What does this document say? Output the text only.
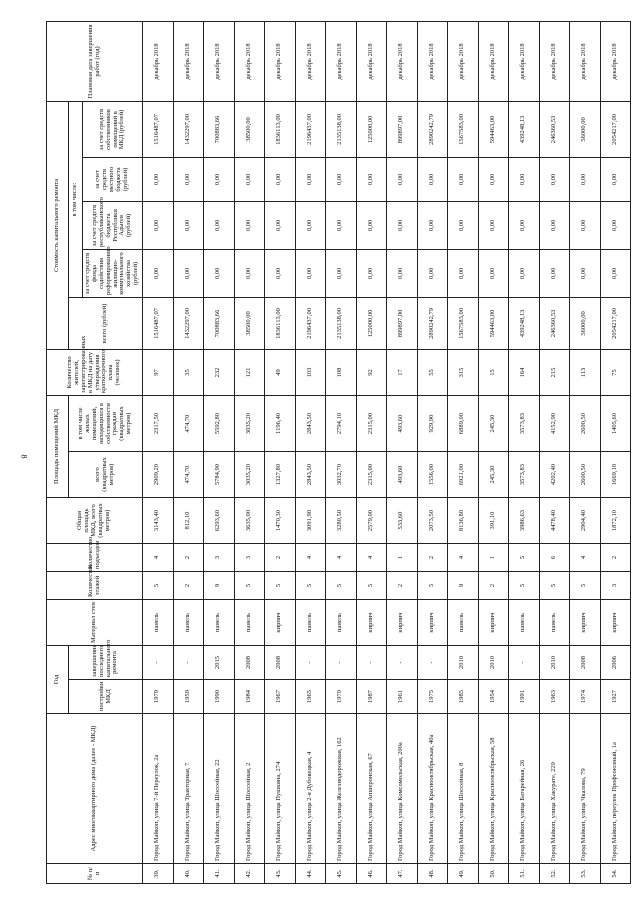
8
№ п/п	Адрес многоквартирного дома (далее - МКД)	Год		Материал стен	Количество этажей	Количество подъездов	Общая площадь МКД, всего (квадратных метров)	Площадь помещений МКД		Количество жителей, зарегистрированных в МКД на дату утверждения краткосрочного плана (человек)	Стоимость капитального ремонта					Плановая дата завершения работ (год)
		постройки МКД	завершения последнего капитального ремонта					всего (квадратных метров)	в том числе жилых помещений, находящихся в собственности граждан (квадратных метров)		всего (рублей)	в том числе:				
												за счет средств фонда содействия реформированию жилищно-коммунального хозяйства (рублей)	за счет средств республиканского бюджета Республики Адыгея (рублей)	за счет средств местного бюджета (рублей)	за счет средств собственников помещений в МКД (рублей)	
39.	Город Майкоп, улица 7-й Переулок, 2а	1979	-	панель	5	4	3143,40	2909,20	2317,50	97	1516487,07	0,00	0,00	0,00	1516487,07	декабрь 2018
40.	Город Майкоп, улица Тракторная, 7	1959	-	панель	2	2	812,10	474,70	474,70	35	1432297,00	0,00	0,00	0,00	1432297,00	декабрь 2018
41.	Город Майкоп, улица Шоссейная, 22	1990	2015	панель	9	3	6293,60	5784,90	5592,80	232	700883,66	0,00	0,00	0,00	700883,66	декабрь 2018
42.	Город Майкоп, улица Шоссейная, 2	1984	2008	панель	5	3	3635,00	3035,20	3035,20	121	38500,00	0,00	0,00	0,00	38500,00	декабрь 2018
43.	Город Майкоп, улица Пушкина, 274	1967	2008	кирпич	5	2	1470,30	1327,80	1196,40	49	1836113,00	0,00	0,00	0,00	1836113,00	декабрь 2018
44.	Город Майкоп, улица 2-я Дубовецкая, 4	1965	-	панель	5	4	3091,90	2843,50	2843,50	103	2196437,00	0,00	0,00	0,00	2196437,00	декабрь 2018
45.	Город Майкоп, улица Железнодорожная, 162	1970	-	панель	5	4	3280,50	3032,70	2794,10	108	2135138,00	0,00	0,00	0,00	2135138,00	декабрь 2018
46.	Город Майкоп, улица Апшеронская, 67	1987	-	кирпич	5	4	2579,00	2315,00	2315,00	92	125000,00	0,00	0,00	0,00	125000,00	декабрь 2018
47.	Город Майкоп, улица Комсомольская, 200а	1961	-	кирпич	2	1	533,60	493,60	493,60	17	899897,00	0,00	0,00	0,00	899897,00	декабрь 2018
48.	Город Майкоп, улица Краснооктябрьская, 40а	1975	-	кирпич	5	2	2073,50	1556,00	929,90	55	2890242,79	0,00	0,00	0,00	2890242,79	декабрь 2018
49.	Город Майкоп, улица Шоссейная, 8	1985	2010	панель	9	4	8136,80	6921,00	6889,00	315	1567583,00	0,00	0,00	0,00	1567583,00	декабрь 2018
50.	Город Майкоп, улица Краснооктябрьская, 58	1954	2010	кирпич	2	1	391,10	245,30	245,30	15	594463,00	0,00	0,00	0,00	594463,00	декабрь 2018
51.	Город Майкоп, улица Батарейная, 26	1991	-	панель	5	5	3986,63	3573,83	3573,83	164	439248,13	0,00	0,00	0,00	439248,13	декабрь 2018
52.	Город Майкоп, улица Хакурате, 229	1963	2010	панель	5	6	4478,40	4202,40	4152,90	215	246360,53	0,00	0,00	0,00	246360,53	декабрь 2018
53.	Город Майкоп, улица Чкалова, 79	1974	2008	кирпич	5	4	2904,40	2600,50	2600,50	113	56000,00	0,00	0,00	0,00	56000,00	декабрь 2018
54.	Город Майкоп, переулок Профсоюзный, 1а	1927	2006	кирпич	3	2	1872,10	1669,10	1405,60	75	2054217,00	0,00	0,00	0,00	2054217,00	декабрь 2018
